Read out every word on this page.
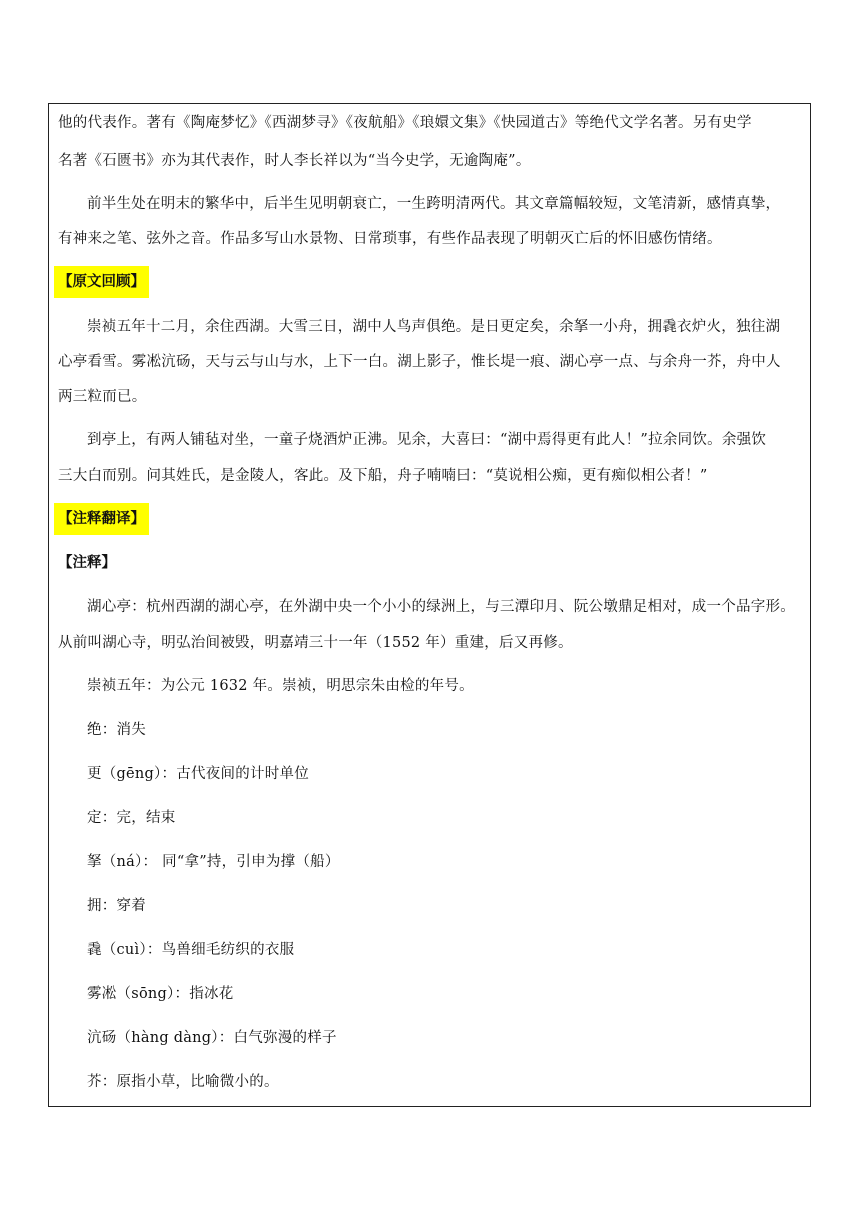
他的代表作。著有《陶庵梦忆》《西湖梦寻》《夜航船》《琅嬛文集》《快园道古》等绝代文学名著。另有史学
名著《石匮书》亦为其代表作，时人李长祥以为“当今史学，无逾陶庵”。
前半生处在明末的繁华中，后半生见明朝衰亡，一生跨明清两代。其文章篇幅较短，文笔清新，感情真挚，
有神来之笔、弦外之音。作品多写山水景物、日常琐事，有些作品表现了明朝灭亡后的怀旧感伤情绪。
【原文回顾】
崇祯五年十二月，余住西湖。大雪三日，湖中人鸟声俱绝。是日更定矣，余拏一小舟，拥毳衣炉火，独往湖
心亭看雪。雾凇沆砀，天与云与山与水，上下一白。湖上影子，惟长堤一痕、湖心亭一点、与余舟一芥，舟中人
两三粒而已。
到亭上，有两人铺毡对坐，一童子烧酒炉正沸。见余，大喜曰：“湖中焉得更有此人！”拉余同饮。余强饮
三大白而别。问其姓氏，是金陵人，客此。及下船，舟子喃喃曰：“莫说相公痴，更有痴似相公者！”
【注释翻译】
【注释】
湖心亭：杭州西湖的湖心亭，在外湖中央一个小小的绿洲上，与三潭印月、阮公墩鼎足相对，成一个品字形。
从前叫湖心寺，明弘治间被毁，明嘉靖三十一年（1552 年）重建，后又再修。
崇祯五年：为公元 1632 年。崇祯，明思宗朱由检的年号。
绝：消失
更（gēng）：古代夜间的计时单位
定：完，结束
拏（ná）： 同“拿”持，引申为撑（船）
拥：穿着
毳（cuì）：鸟兽细毛纺织的衣服
雾凇（sōng）：指冰花
沆砀（hàng dàng）：白气弥漫的样子
芥：原指小草，比喻微小的。
